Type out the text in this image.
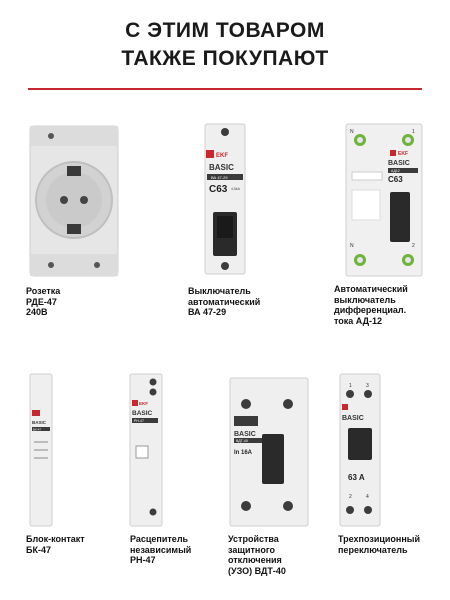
С ЭТИМ ТОВАРОМ
ТАКЖЕ ПОКУПАЮТ
Розетка
РДЕ-47
240В
EKF
BASIC
ВА 47-29
C63 4,5kA
Выключатель
автоматический
ВА 47-29
N	1
EKF
BASIC
АД12
C63
N	2
Автоматический
выключатель
дифференциал.
тока АД-12
BASIC
БК-47
Блок-контакт
БК-47
EKF
BASIC
РН-47
Расцепитель
независимый
РН-47
BASIC
ВДТ-40
In 16A
Устройства
защитного
отключения
(УЗО) ВДТ-40
1	3
BASIC
63 A
2	4
Трехпозиционный
переключатель
